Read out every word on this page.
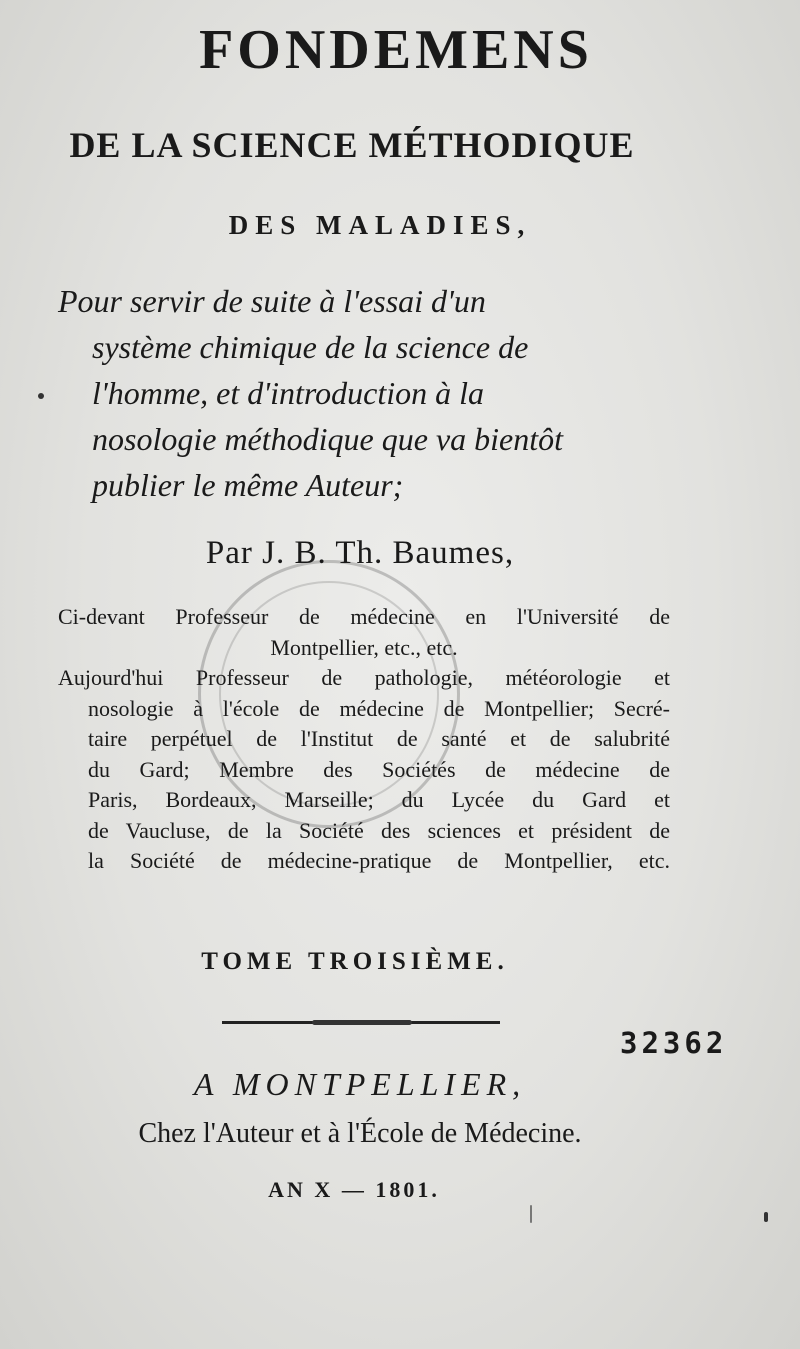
FONDEMENS
DE LA SCIENCE MÉTHODIQUE
DES MALADIES,
Pour servir de suite à l'essai d'un
système chimique de la science de
l'homme, et d'introduction à la
nosologie méthodique que va bientôt
publier le même Auteur;
Par J. B. Th. Baumes,
Ci-devant Professeur de médecine en l'Université de
Montpellier, etc., etc.
Aujourd'hui Professeur de pathologie, météorologie et
nosologie à l'école de médecine de Montpellier; Secré-
taire perpétuel de l'Institut de santé et de salubrité
du Gard; Membre des Sociétés de médecine de
Paris, Bordeaux, Marseille; du Lycée du Gard et
de Vaucluse, de la Société des sciences et président de
la Société de médecine-pratique de Montpellier, etc.
TOME TROISIÈME.
32362
A MONTPELLIER,
Chez l'Auteur et à l'École de Médecine.
AN X — 1801.
